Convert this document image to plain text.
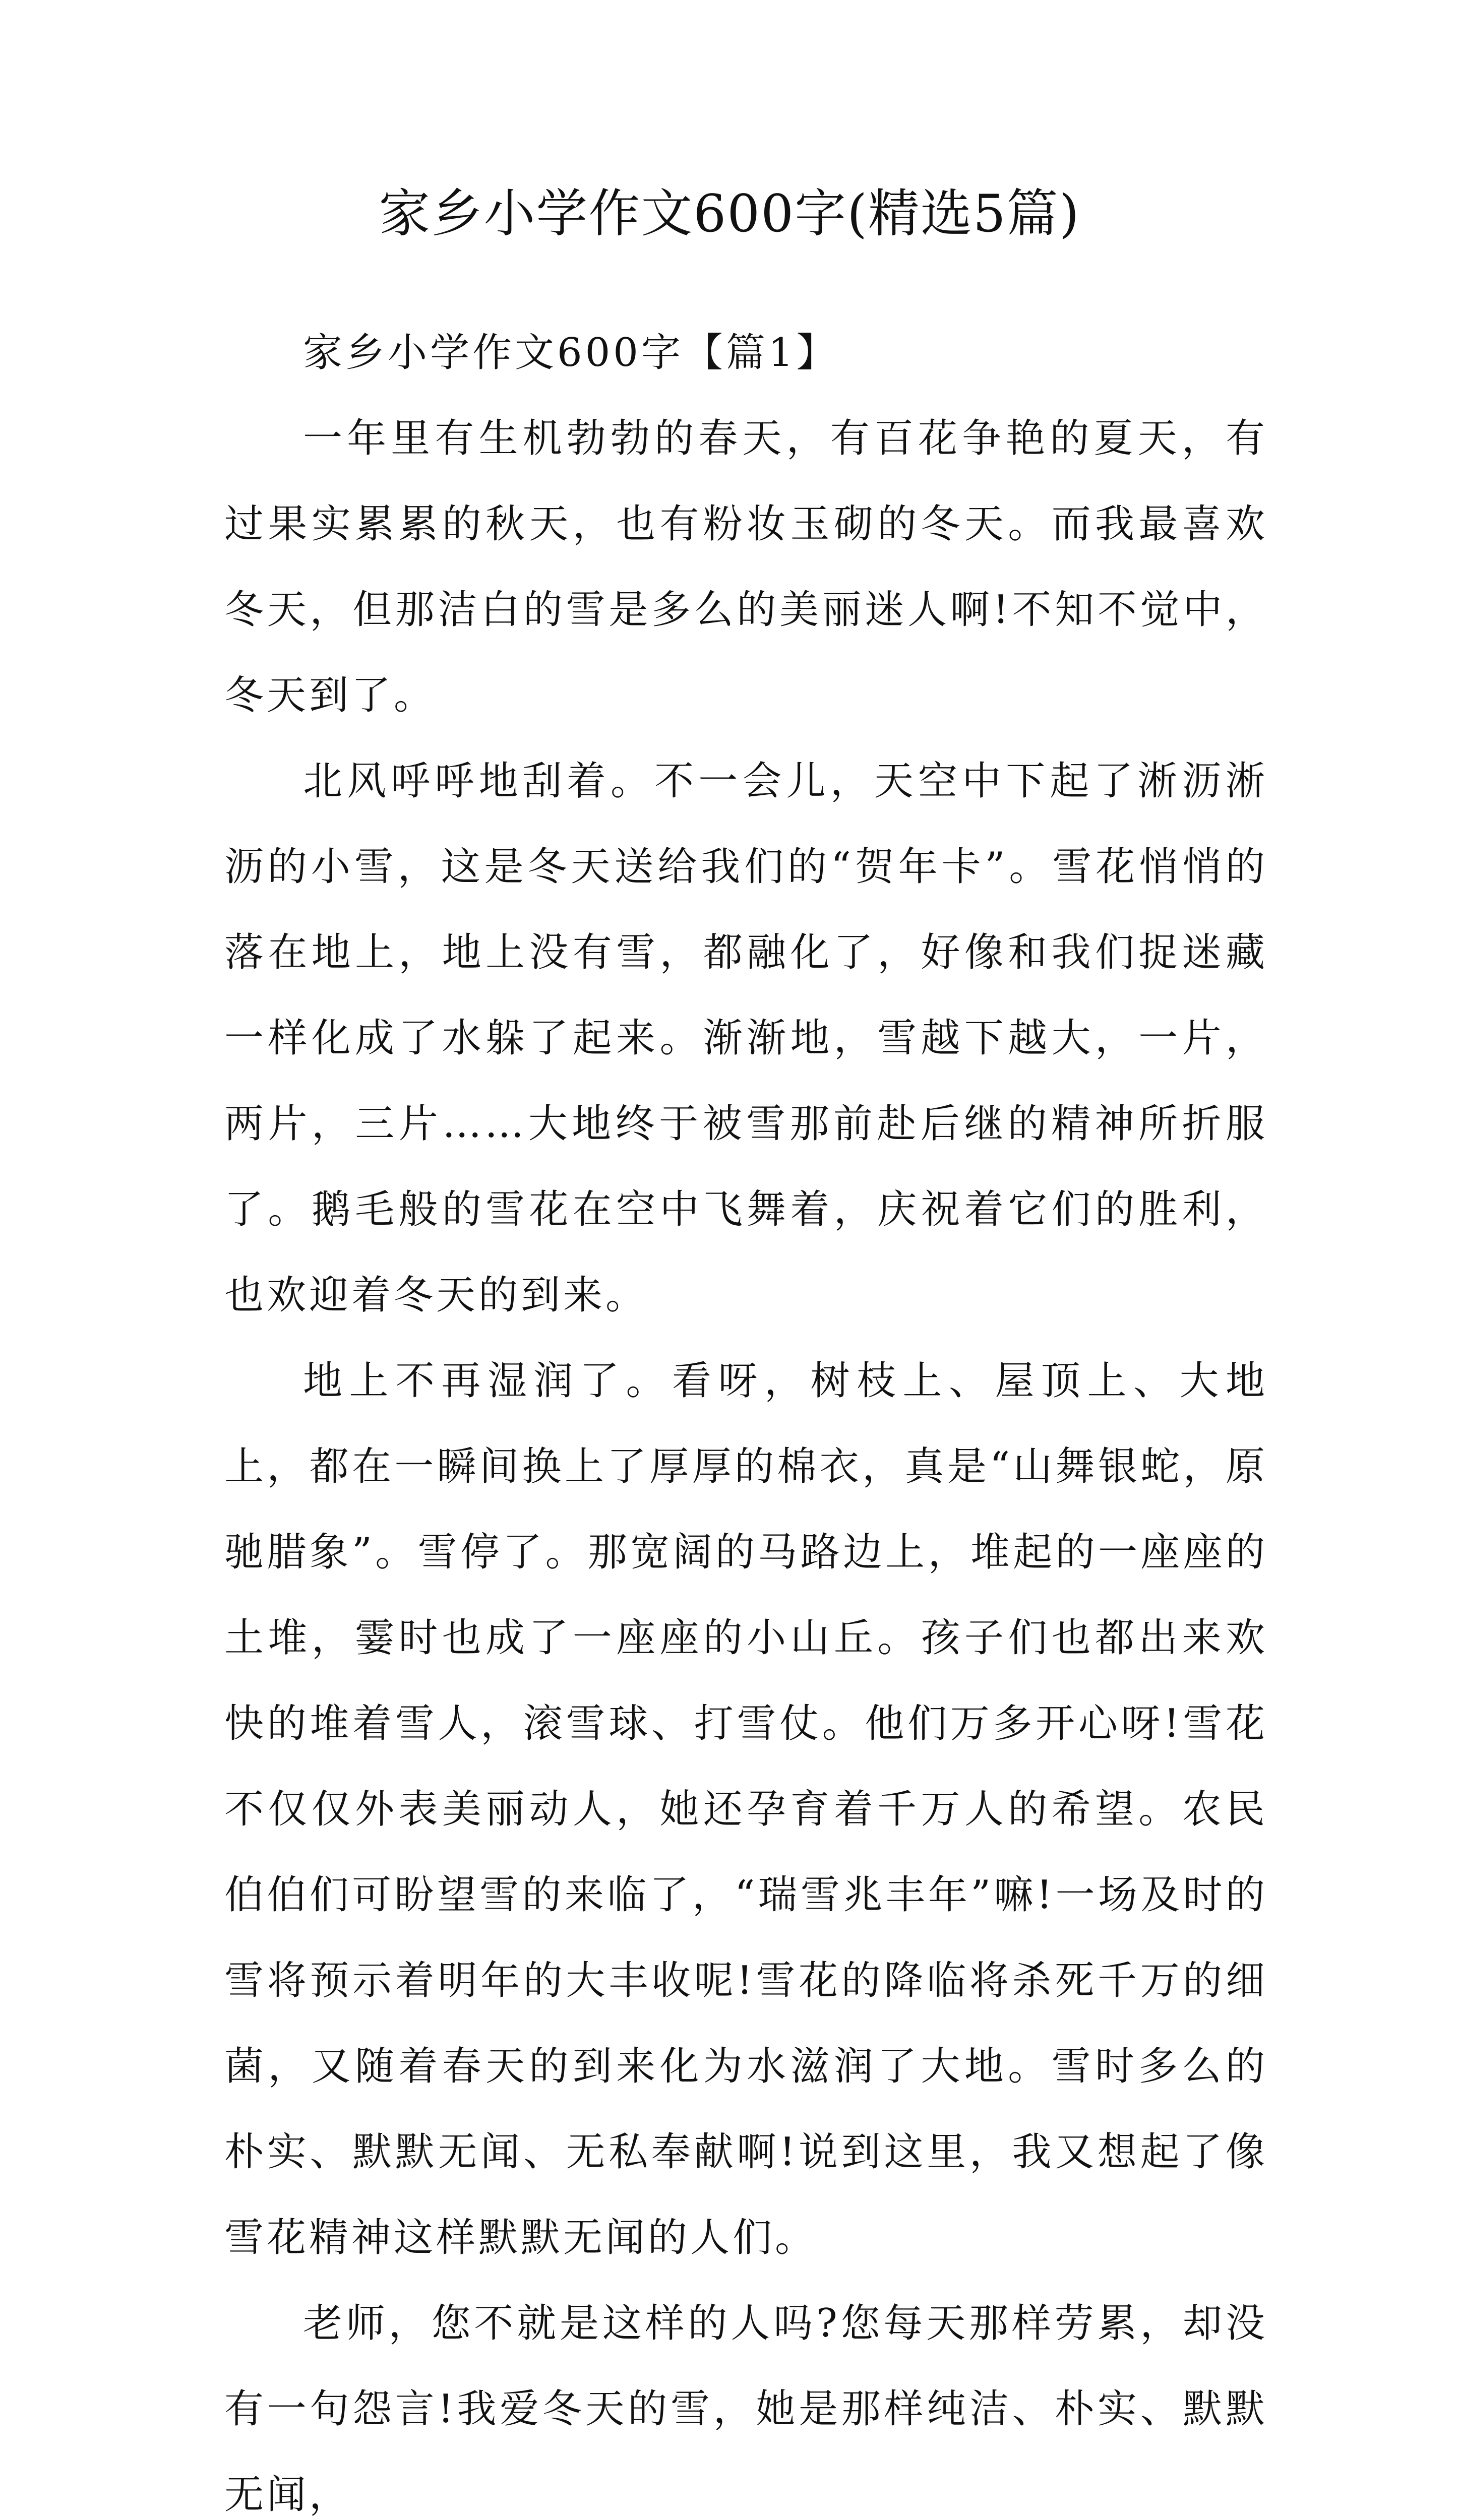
家乡小学作文600字(精选5篇)

家乡小学作文600字【篇1】

一年里有生机勃勃的春天，有百花争艳的夏天，有过果实累累的秋天，也有粉妆玉砌的冬天。而我最喜欢冬天，但那洁白的雪是多么的美丽迷人啊!不知不觉中，冬天到了。

北风呼呼地刮着。不一会儿，天空中下起了淅沥淅沥的小雪，这是冬天送给我们的“贺年卡”。雪花悄悄的落在地上，地上没有雪，都融化了，好像和我们捉迷藏一样化成了水躲了起来。渐渐地，雪越下越大，一片，两片，三片……大地终于被雪那前赴后继的精神所折服了。鹅毛般的雪花在空中飞舞着，庆祝着它们的胜利，也欢迎着冬天的到来。

地上不再湿润了。看呀，树枝上、屋顶上、大地上，都在一瞬间换上了厚厚的棉衣，真是“山舞银蛇，原驰腊象”。雪停了。那宽阔的马路边上，堆起的一座座的土堆，霎时也成了一座座的小山丘。孩子们也都出来欢快的堆着雪人，滚雪球、打雪仗。他们万多开心呀!雪花不仅仅外表美丽动人，她还孕育着千万人的希望。农民伯伯们可盼望雪的来临了，“瑞雪兆丰年”嘛!一场及时的雪将预示着明年的大丰收呢!雪花的降临将杀死千万的细菌，又随着春天的到来化为水滋润了大地。雪时多么的朴实、默默无闻、无私奉献啊!说到这里，我又想起了像雪花精神这样默默无闻的人们。

老师，您不就是这样的人吗?您每天那样劳累，却没有一句怨言!我爱冬天的雪，她是那样纯洁、朴实、默默无闻，
